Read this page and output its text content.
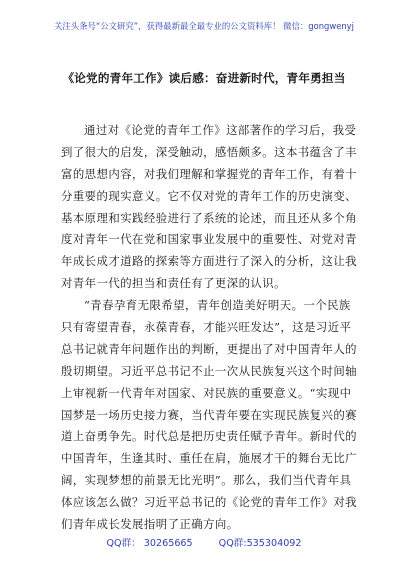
关注头条号“公文研究”，获得最新最全最专业的公文资料库！ 微信：gongwenyj
《论党的青年工作》读后感：奋进新时代，青年勇担当

通过对《论党的青年工作》这部著作的学习后，我受

到了很大的启发，深受触动，感悟颇多。这本书蕴含了丰

富的思想内容，对我们理解和掌握党的青年工作，有着十

分重要的现实意义。它不仅对党的青年工作的历史演变、

基本原理和实践经验进行了系统的论述，而且还从多个角

度对青年一代在党和国家事业发展中的重要性、对党对青

年成长成才道路的探索等方面进行了深入的分析，这让我

对青年一代的担当和责任有了更深的认识。

“青春孕育无限希望，青年创造美好明天。一个民族

只有寄望青春，永葆青春，才能兴旺发达”，这是习近平

总书记就青年问题作出的判断，更提出了对中国青年人的

殷切期望。习近平总书记不止一次从民族复兴这个时间轴

上审视新一代青年对国家、对民族的重要意义。“实现中

国梦是一场历史接力赛，当代青年要在实现民族复兴的赛

道上奋勇争先。时代总是把历史责任赋予青年。新时代的

中国青年，生逢其时、重任在肩，施展才干的舞台无比广

阔，实现梦想的前景无比光明”。那么，我们当代青年具

体应该怎么做？习近平总书记的《论党的青年工作》对我

们青年成长发展指明了正确方向。

QQ群： 30265665	QQ群:535304092
